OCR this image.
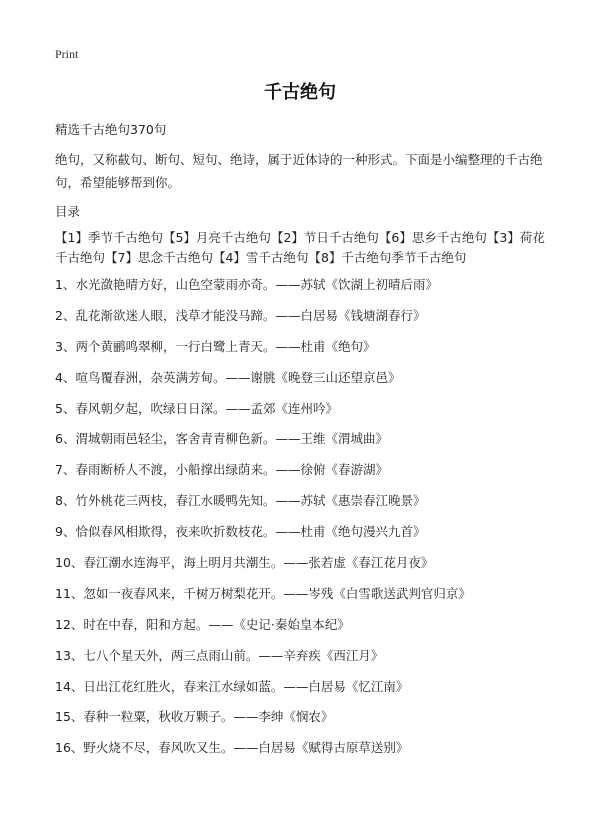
Print
千古绝句
精选千古绝句370句

绝句，又称截句、断句、短句、绝诗，属于近体诗的一种形式。下面是小编整理的千古绝句，希望能够帮到你。

目录
【1】季节千古绝句【5】月亮千古绝句【2】节日千古绝句【6】思乡千古绝句【3】荷花千古绝句【7】思念千古绝句【4】雪千古绝句【8】千古绝句季节千古绝句
1、水光潋艳晴方好，山色空蒙雨亦奇。——苏轼《饮湖上初晴后雨》
2、乱花渐欲迷人眼，浅草才能没马蹄。——白居易《钱塘湖春行》
3、两个黄鹂鸣翠柳，一行白鹭上青天。——杜甫《绝句》
4、喧鸟覆春洲，杂英满芳甸。——谢朓《晚登三山还望京邑》
5、春风朝夕起，吹绿日日深。——孟郊《连州吟》
6、渭城朝雨邑轻尘，客舍青青柳色新。——王维《渭城曲》
7、春雨断桥人不渡，小船撑出绿荫来。——徐俯《春游湖》
8、竹外桃花三两枝，春江水暖鸭先知。——苏轼《惠崇春江晚景》
9、恰似春风相欺得，夜来吹折数枝花。——杜甫《绝句漫兴九首》
10、春江潮水连海平，海上明月共潮生。——张若虚《春江花月夜》
11、忽如一夜春风来，千树万树梨花开。——岑残《白雪歌送武判官归京》
12、时在中春，阳和方起。——《史记·秦始皇本纪》
13、七八个星天外，两三点雨山前。——辛弃疾《西江月》
14、日出江花红胜火，春来江水绿如蓝。——白居易《忆江南》
15、春种一粒粟，秋收万颗子。——李绅《悯农》
16、野火烧不尽，春风吹又生。——白居易《赋得古原草送别》
